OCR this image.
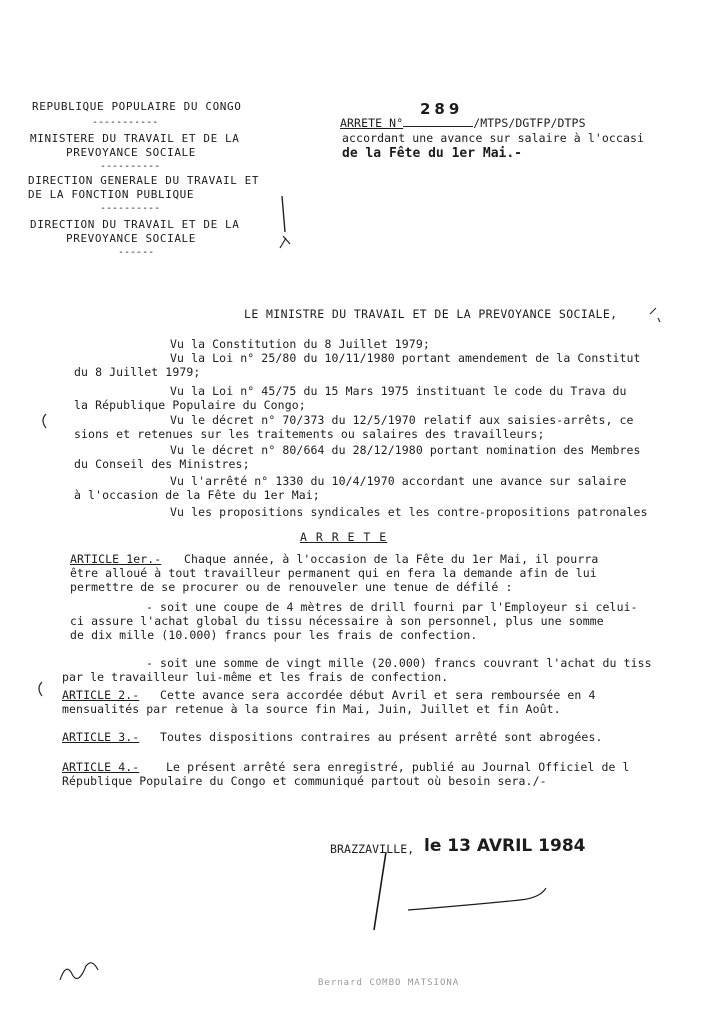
REPUBLIQUE POPULAIRE DU CONGO
-----------
MINISTERE DU TRAVAIL ET DE LA
PREVOYANCE SOCIALE
----------
DIRECTION GENERALE DU TRAVAIL ET
DE LA FONCTION PUBLIQUE
----------
DIRECTION DU TRAVAIL ET DE LA
PREVOYANCE SOCIALE
------
289
ARRETE N°	/MTPS/DGTFP/DTPS
accordant une avance sur salaire à l'occasi
de la Fête du 1er Mai.-
LE MINISTRE DU TRAVAIL ET DE LA PREVOYANCE SOCIALE,
Vu la Constitution du 8 Juillet 1979;
Vu la Loi n° 25/80 du 10/11/1980 portant amendement de la Constitut
du 8 Juillet 1979;
Vu la Loi n° 45/75 du 15 Mars 1975 instituant le code du Trava du
la République Populaire du Congo;
Vu le décret n° 70/373 du 12/5/1970 relatif aux saisies-arrêts, ce
sions et retenues sur les traitements ou salaires des travailleurs;
Vu le décret n° 80/664 du 28/12/1980 portant nomination des Membres
du Conseil des Ministres;
Vu l'arrêté n° 1330 du 10/4/1970 accordant une avance sur salaire
à l'occasion de la Fête du 1er Mai;
Vu les propositions syndicales et les contre-propositions patronales
A R R E T E
ARTICLE 1er.- Chaque année, à l'occasion de la Fête du 1er Mai, il pourra
être alloué à tout travailleur permanent qui en fera la demande afin de lui
permettre de se procurer ou de renouveler une tenue de défilé :
- soit une coupe de 4 mètres de drill fourni par l'Employeur si celui-
ci assure l'achat global du tissu nécessaire à son personnel, plus une somme
de dix mille (10.000) francs pour les frais de confection.
- soit une somme de vingt mille (20.000) francs couvrant l'achat du tiss
par le travailleur lui-même et les frais de confection.
ARTICLE 2.- Cette avance sera accordée début Avril et sera remboursée en 4
mensualités par retenue à la source fin Mai, Juin, Juillet et fin Août.
ARTICLE 3.- Toutes dispositions contraires au présent arrêté sont abrogées.
ARTICLE 4.- Le présent arrêté sera enregistré, publié au Journal Officiel de l
République Populaire du Congo et communiqué partout où besoin sera./-
BRAZZAVILLE, le 13 AVRIL 1984
Bernard COMBO MATSIONA
